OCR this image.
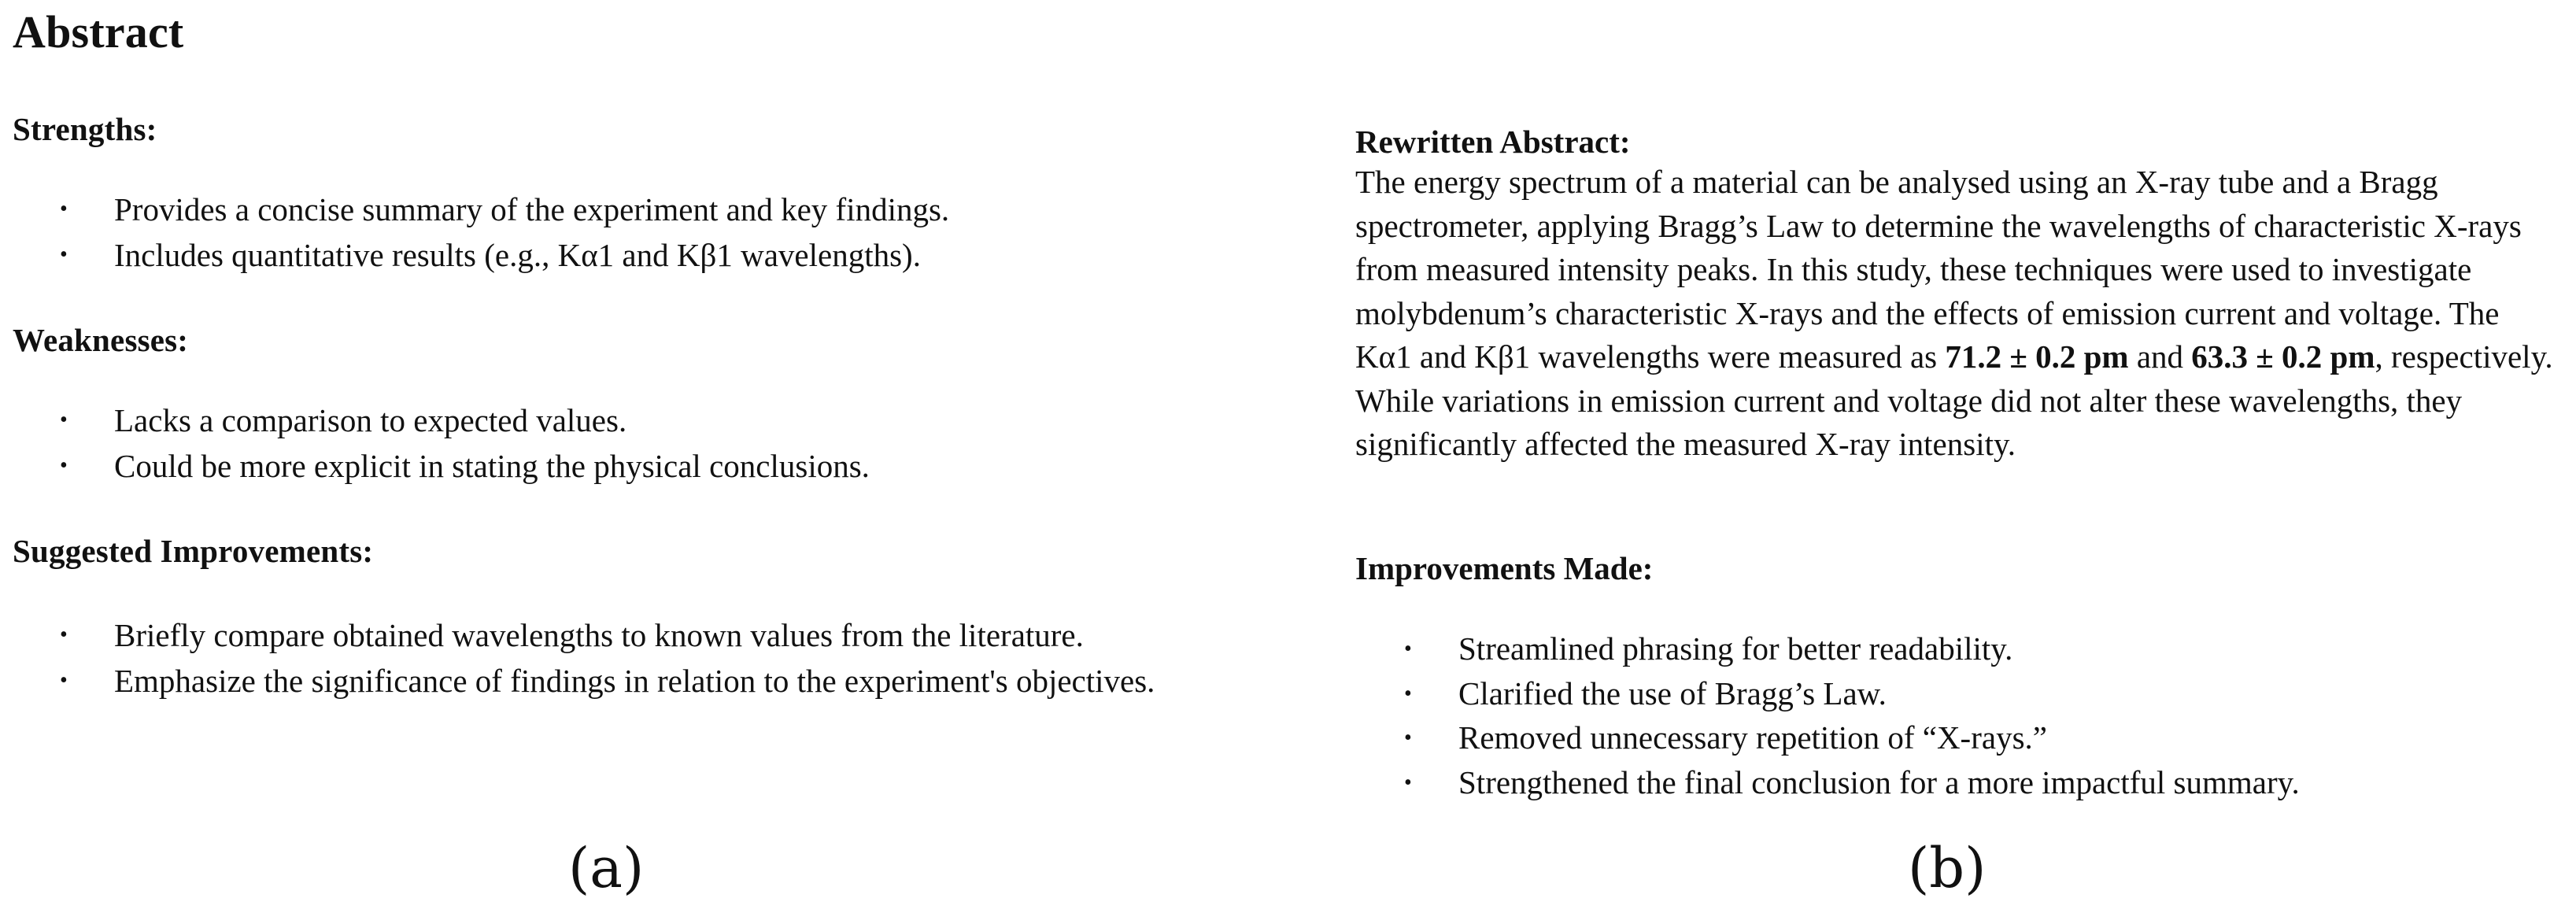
Abstract
Strengths:
• Provides a concise summary of the experiment and key findings.
• Includes quantitative results (e.g., Kα1 and Kβ1 wavelengths).
Weaknesses:
• Lacks a comparison to expected values.
• Could be more explicit in stating the physical conclusions.
Suggested Improvements:
• Briefly compare obtained wavelengths to known values from the literature.
• Emphasize the significance of findings in relation to the experiment's objectives.
(a)
Rewritten Abstract:

The energy spectrum of a material can be analysed using an X-ray tube and a Bragg spectrometer, applying Bragg’s Law to determine the wavelengths of characteristic X-rays from measured intensity peaks. In this study, these techniques were used to investigate molybdenum’s characteristic X-rays and the effects of emission current and voltage. The Kα1 and Kβ1 wavelengths were measured as 71.2 ± 0.2 pm and 63.3 ± 0.2 pm, respectively. While variations in emission current and voltage did not alter these wavelengths, they significantly affected the measured X-ray intensity.

Improvements Made:
• Streamlined phrasing for better readability.
• Clarified the use of Bragg’s Law.
• Removed unnecessary repetition of “X-rays.”
• Strengthened the final conclusion for a more impactful summary.
(b)
